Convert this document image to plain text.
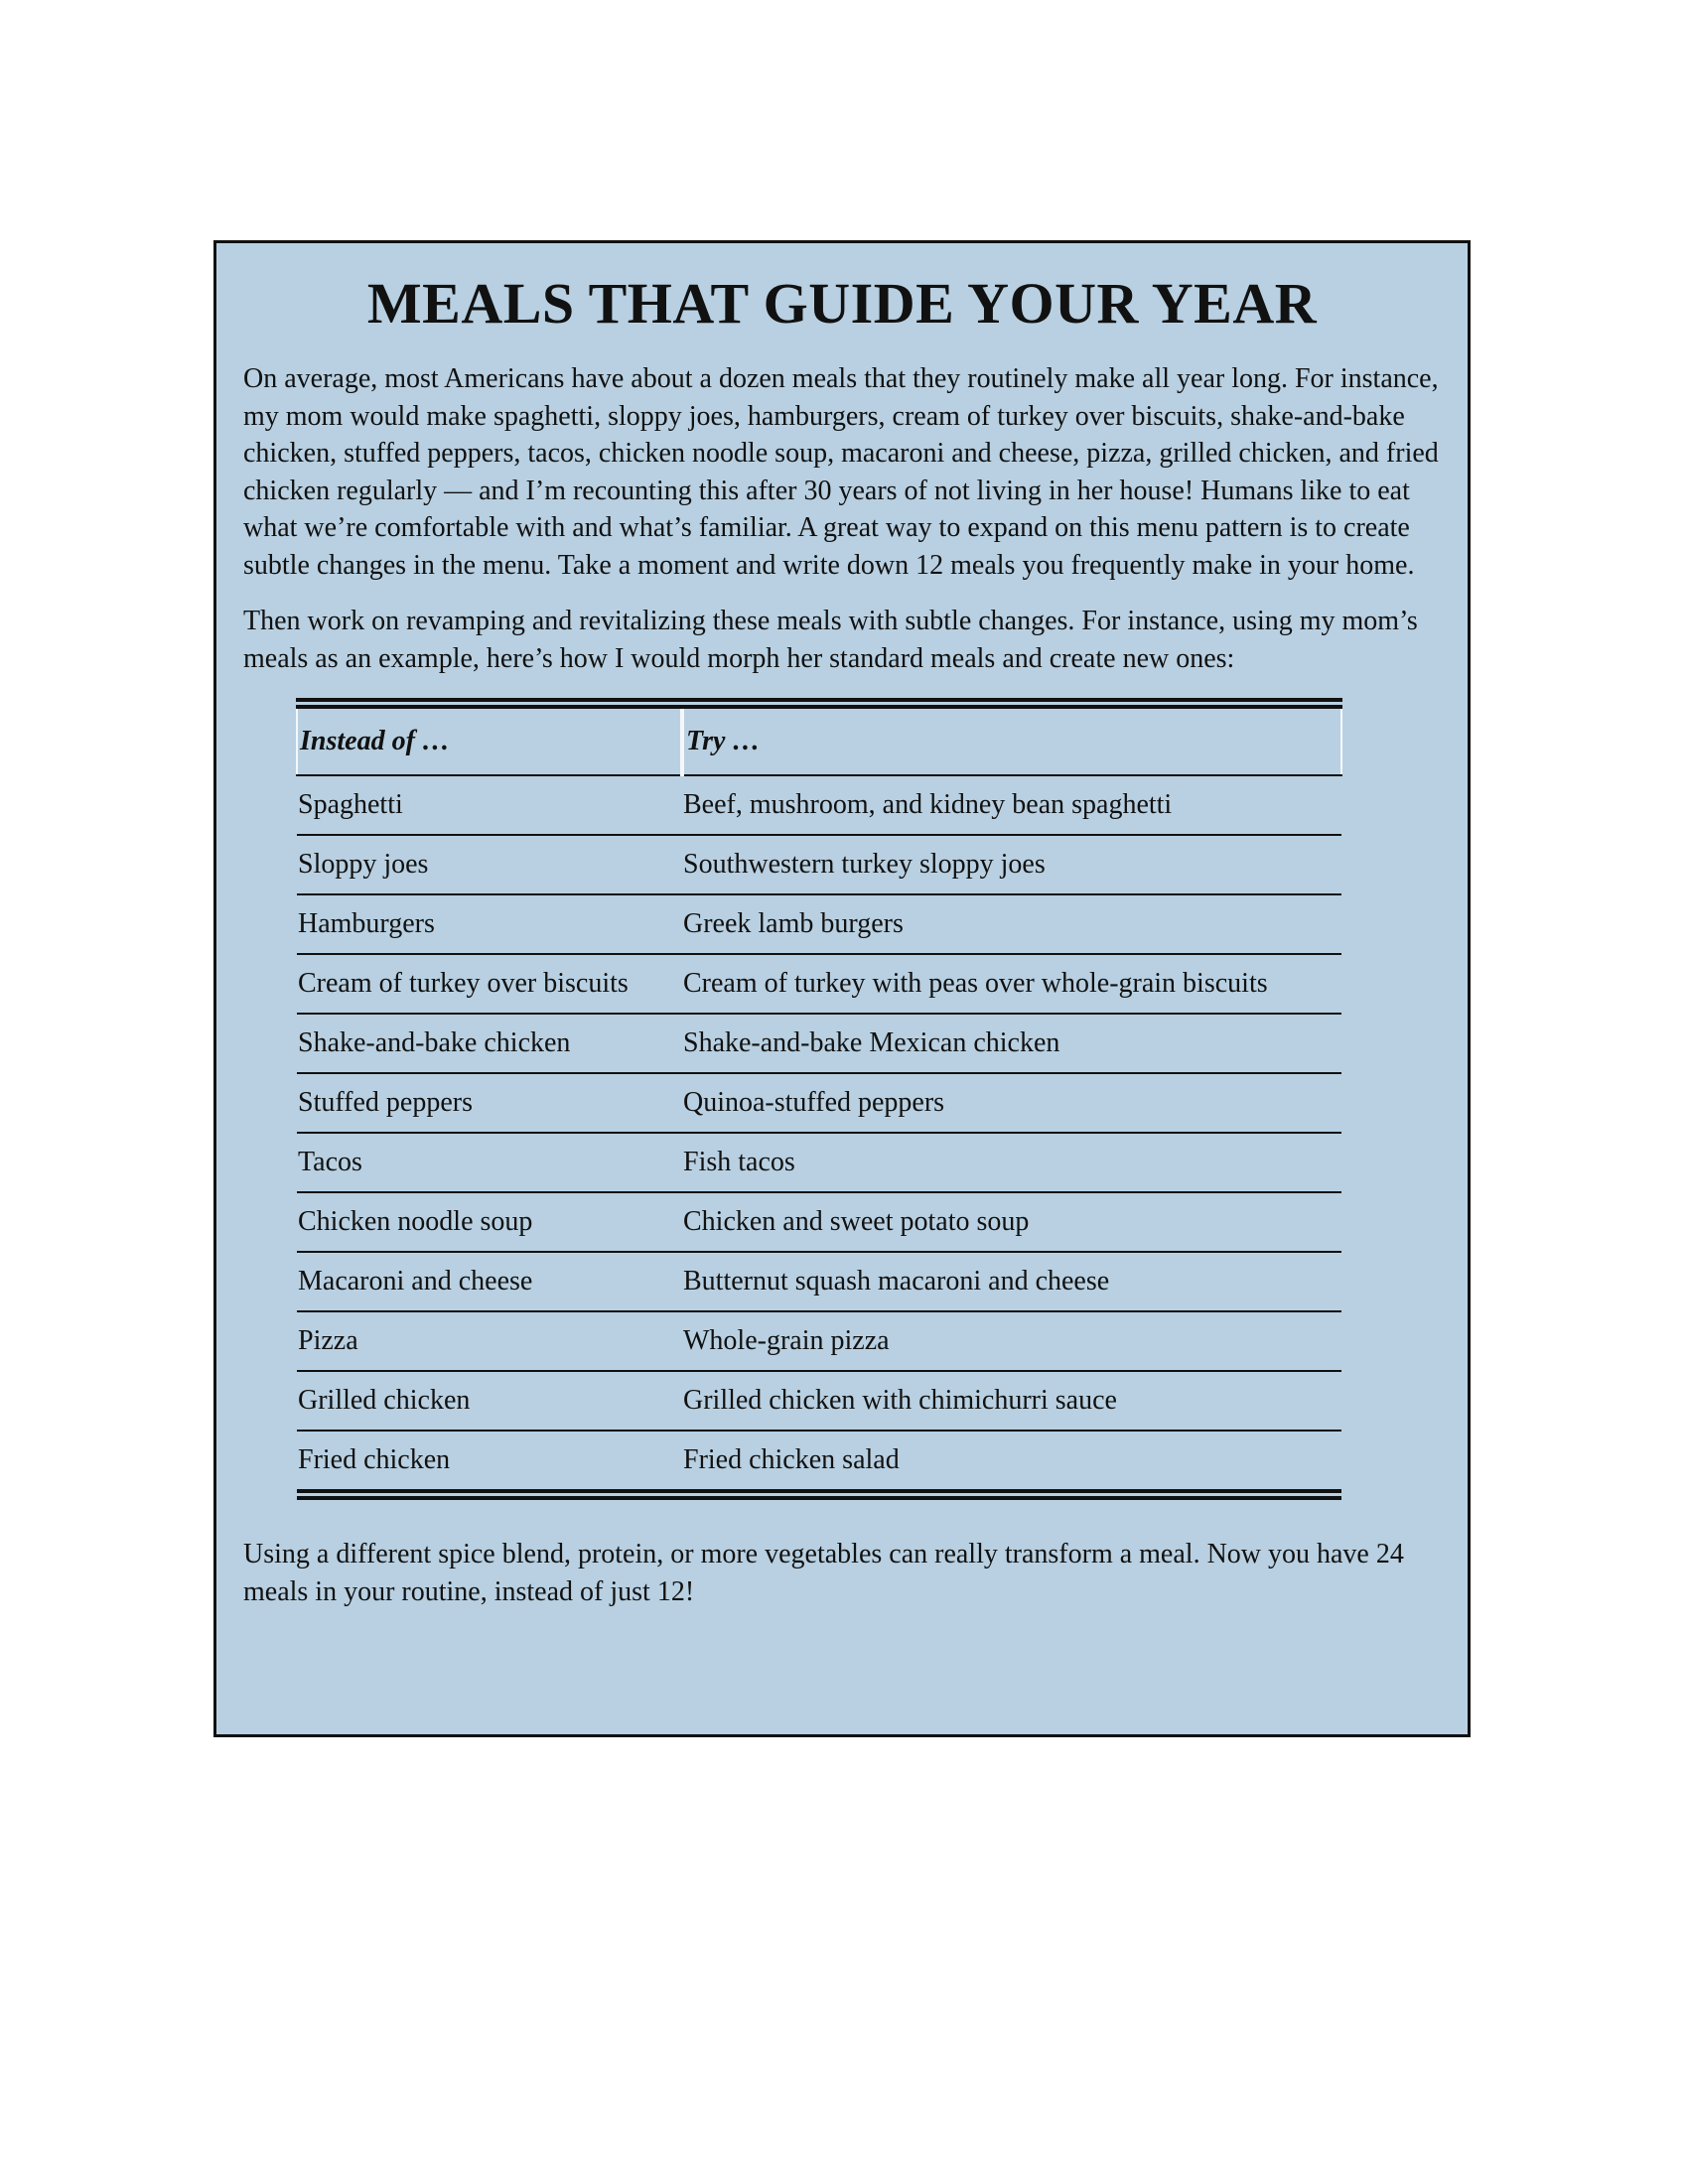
MEALS THAT GUIDE YOUR YEAR

On average, most Americans have about a dozen meals that they routinely make all year long. For instance, my mom would make spaghetti, sloppy joes, hamburgers, cream of turkey over biscuits, shake-and-bake chicken, stuffed peppers, tacos, chicken noodle soup, macaroni and cheese, pizza, grilled chicken, and fried chicken regularly — and I’m recounting this after 30 years of not living in her house! Humans like to eat what we’re comfortable with and what’s familiar. A great way to expand on this menu pattern is to create subtle changes in the menu. Take a moment and write down 12 meals you frequently make in your home.

Then work on revamping and revitalizing these meals with subtle changes. For instance, using my mom’s meals as an example, here’s how I would morph her standard meals and create new ones:

Instead of …	Try …
Spaghetti	Beef, mushroom, and kidney bean spaghetti
Sloppy joes	Southwestern turkey sloppy joes
Hamburgers	Greek lamb burgers
Cream of turkey over biscuits	Cream of turkey with peas over whole-grain biscuits
Shake-and-bake chicken	Shake-and-bake Mexican chicken
Stuffed peppers	Quinoa-stuffed peppers
Tacos	Fish tacos
Chicken noodle soup	Chicken and sweet potato soup
Macaroni and cheese	Butternut squash macaroni and cheese
Pizza	Whole-grain pizza
Grilled chicken	Grilled chicken with chimichurri sauce
Fried chicken	Fried chicken salad

Using a different spice blend, protein, or more vegetables can really transform a meal. Now you have 24 meals in your routine, instead of just 12!
